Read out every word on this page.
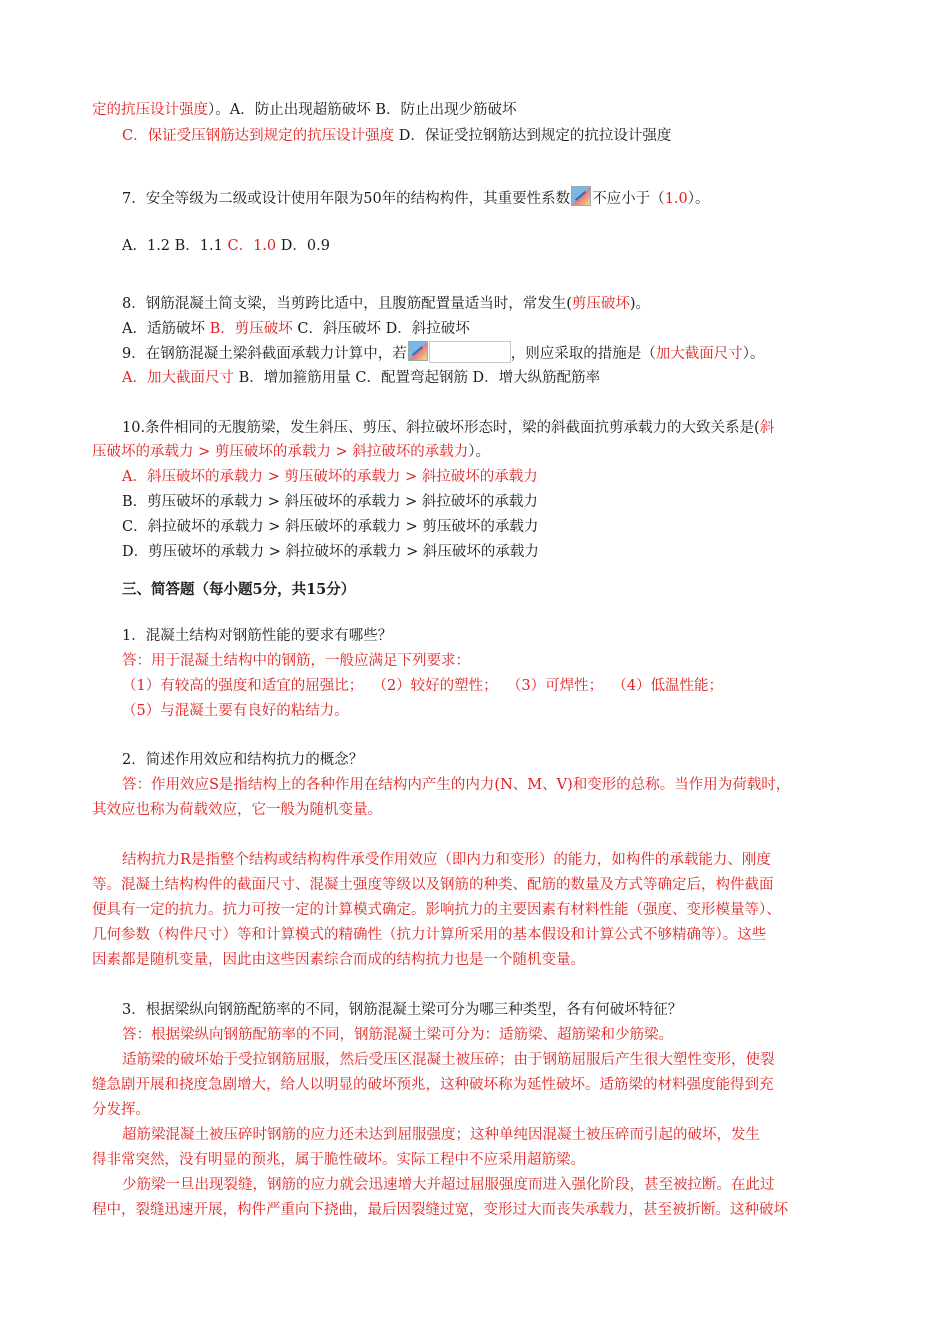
定的抗压设计强度）。A．防止出现超筋破坏 B．防止出现少筋破坏
C．保证受压钢筋达到规定的抗压设计强度 D．保证受拉钢筋达到规定的抗拉设计强度
7．安全等级为二级或设计使用年限为50年的结构构件，其重要性系数 不应小于（1.0）。
A．1.2 B．1.1 C．1.0 D．0.9
8．钢筋混凝土简支梁，当剪跨比适中，且腹筋配置量适当时，常发生(剪压破坏)。
A．适筋破坏 B．剪压破坏 C．斜压破坏 D．斜拉破坏
9．在钢筋混凝土梁斜截面承载力计算中，若	，则应采取的措施是（加大截面尺寸）。
A．加大截面尺寸 B．增加箍筋用量 C．配置弯起钢筋 D．增大纵筋配筋率
10.条件相同的无腹筋梁，发生斜压、剪压、斜拉破坏形态时，梁的斜截面抗剪承载力的大致关系是(斜
压破坏的承载力 > 剪压破坏的承载力 > 斜拉破坏的承载力）。
A．斜压破坏的承载力 > 剪压破坏的承载力 > 斜拉破坏的承载力
B．剪压破坏的承载力 > 斜压破坏的承载力 > 斜拉破坏的承载力
C．斜拉破坏的承载力 > 斜压破坏的承载力 > 剪压破坏的承载力
D．剪压破坏的承载力 > 斜拉破坏的承载力 > 斜压破坏的承载力
三、简答题（每小题5分，共15分）
1．混凝土结构对钢筋性能的要求有哪些？
答：用于混凝土结构中的钢筋，一般应满足下列要求：
（1）有较高的强度和适宜的屈强比；  （2）较好的塑性；  （3）可焊性；  （4）低温性能；
（5）与混凝土要有良好的粘结力。
2．简述作用效应和结构抗力的概念？
答：作用效应S是指结构上的各种作用在结构内产生的内力(N、M、V)和变形的总称。当作用为荷载时，
其效应也称为荷载效应，它一般为随机变量。
结构抗力R是指整个结构或结构构件承受作用效应（即内力和变形）的能力，如构件的承载能力、刚度
等。混凝土结构构件的截面尺寸、混凝土强度等级以及钢筋的种类、配筋的数量及方式等确定后，构件截面
便具有一定的抗力。抗力可按一定的计算模式确定。影响抗力的主要因素有材料性能（强度、变形模量等）、
几何参数（构件尺寸）等和计算模式的精确性（抗力计算所采用的基本假设和计算公式不够精确等）。这些
因素都是随机变量，因此由这些因素综合而成的结构抗力也是一个随机变量。
3．根据梁纵向钢筋配筋率的不同，钢筋混凝土梁可分为哪三种类型，各有何破坏特征？
答：根据梁纵向钢筋配筋率的不同，钢筋混凝土梁可分为：适筋梁、超筋梁和少筋梁。
适筋梁的破坏始于受拉钢筋屈服，然后受压区混凝土被压碎；由于钢筋屈服后产生很大塑性变形，使裂
缝急剧开展和挠度急剧增大，给人以明显的破坏预兆，这种破坏称为延性破坏。适筋梁的材料强度能得到充
分发挥。
超筋梁混凝土被压碎时钢筋的应力还未达到屈服强度；这种单纯因混凝土被压碎而引起的破坏，发生
得非常突然，没有明显的预兆，属于脆性破坏。实际工程中不应采用超筋梁。
少筋梁一旦出现裂缝，钢筋的应力就会迅速增大并超过屈服强度而进入强化阶段，甚至被拉断。在此过
程中，裂缝迅速开展，构件严重向下挠曲，最后因裂缝过宽，变形过大而丧失承载力，甚至被折断。这种破坏
